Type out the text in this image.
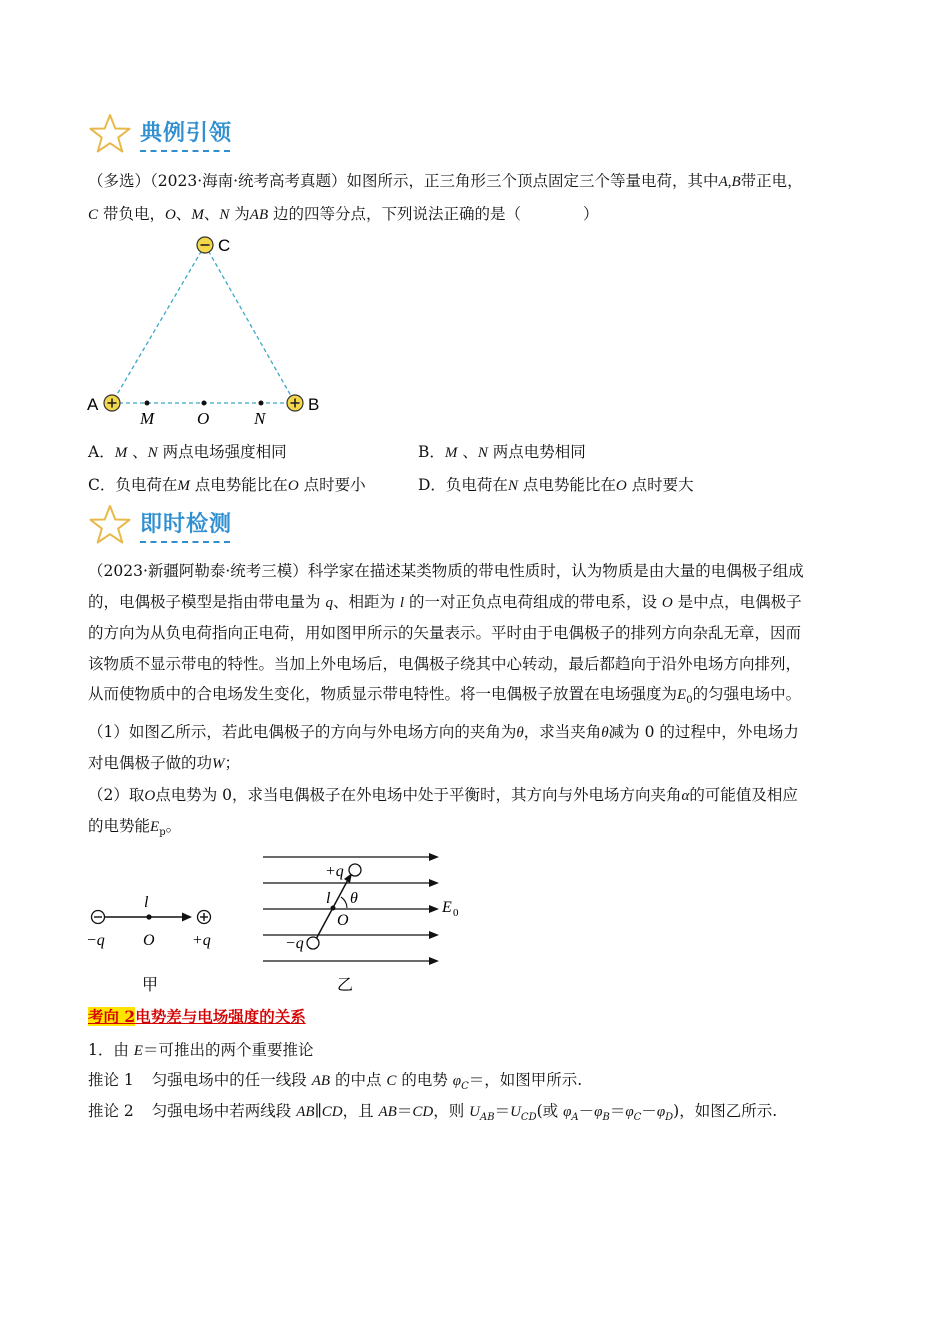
典例引领
（多选）（2023·海南·统考高考真题）如图所示，正三角形三个顶点固定三个等量电荷，其中A,B带正电，
C 带负电，O、M、N 为AB 边的四等分点，下列说法正确的是（　　　　）
C
A	B
M	O	N
A．M 、N 两点电场强度相同	B．M 、N 两点电势相同
C．负电荷在M 点电势能比在O 点时要小	D．负电荷在N 点电势能比在O 点时要大
即时检测
（2023·新疆阿勒泰·统考三模）科学家在描述某类物质的带电性质时，认为物质是由大量的电偶极子组成
的，电偶极子模型是指由带电量为 q、相距为 l 的一对正负点电荷组成的带电系，设 O 是中点，电偶极子
的方向为从负电荷指向正电荷，用如图甲所示的矢量表示。平时由于电偶极子的排列方向杂乱无章，因而
该物质不显示带电的特性。当加上外电场后，电偶极子绕其中心转动，最后都趋向于沿外电场方向排列，
从而使物质中的合电场发生变化，物质显示带电特性。将一电偶极子放置在电场强度为$E_0$的匀强电场中。
（1）如图乙所示，若此电偶极子的方向与外电场方向的夹角为θ，求当夹角θ减为 0 的过程中，外电场力
对电偶极子做的功W；
（2）取O点电势为 0，求当电偶极子在外电场中处于平衡时，其方向与外电场方向夹角α的可能值及相应
的电势能$E_p$。
l
−q O +q
甲
+q
l θ
O
−q
E 0
乙
考向 2电势差与电场强度的关系
1．由 E＝可推出的两个重要推论
推论 1 匀强电场中的任一线段 AB 的中点 C 的电势 $\varphi_C=$，如图甲所示.
推论 2 匀强电场中若两线段 AB∥CD，且 AB＝CD，则 $U_{AB}=U_{CD}$(或 $\varphi_A-\varphi_B=\varphi_C-\varphi_D$)，如图乙所示.
